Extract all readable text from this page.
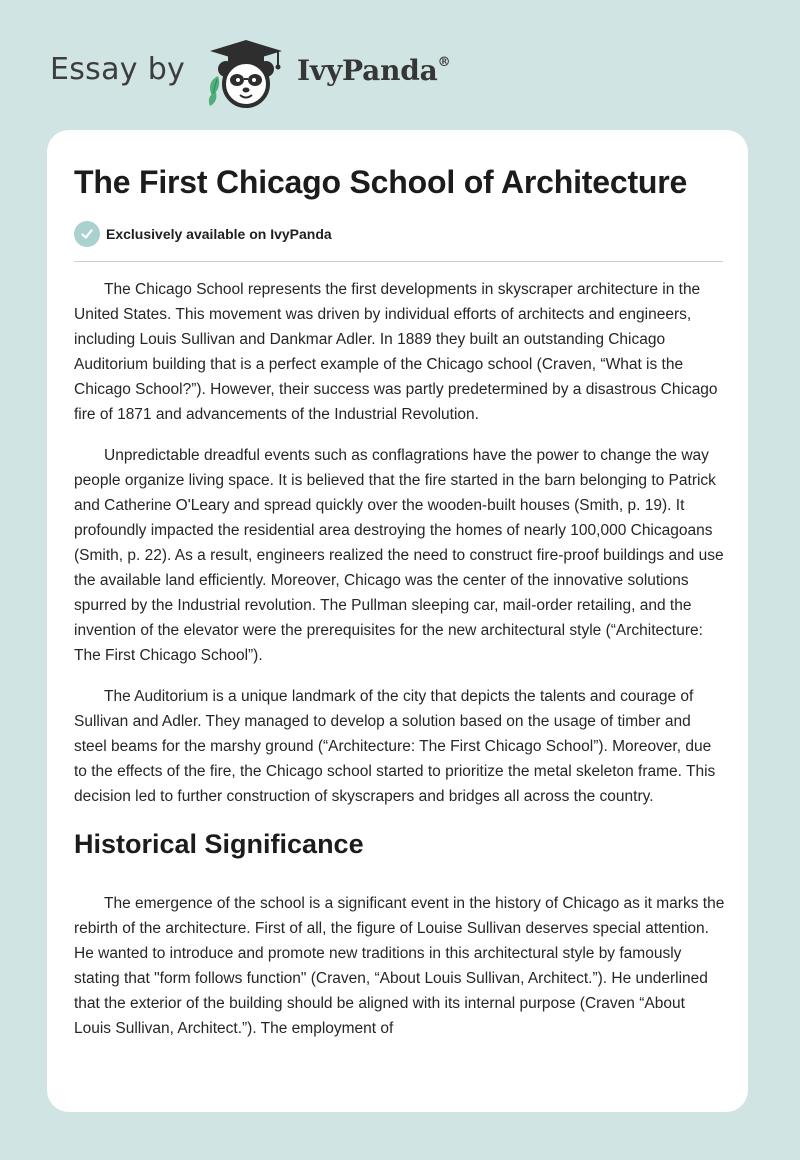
Essay by	IvyPanda®
The First Chicago School of Architecture
Exclusively available on IvyPanda

The Chicago School represents the first developments in skyscraper architecture in the United States. This movement was driven by individual efforts of architects and engineers, including Louis Sullivan and Dankmar Adler. In 1889 they built an outstanding Chicago Auditorium building that is a perfect example of the Chicago school (Craven, “What is the Chicago School?”). However, their success was partly predetermined by a disastrous Chicago fire of 1871 and advancements of the Industrial Revolution.

Unpredictable dreadful events such as conflagrations have the power to change the way people organize living space. It is believed that the fire started in the barn belonging to Patrick and Catherine O'Leary and spread quickly over the wooden-built houses (Smith, p. 19). It profoundly impacted the residential area destroying the homes of nearly 100,000 Chicagoans (Smith, p. 22). As a result, engineers realized the need to construct fire-proof buildings and use the available land efficiently. Moreover, Chicago was the center of the innovative solutions spurred by the Industrial revolution. The Pullman sleeping car, mail-order retailing, and the invention of the elevator were the prerequisites for the new architectural style (“Architecture: The First Chicago School”).

The Auditorium is a unique landmark of the city that depicts the talents and courage of Sullivan and Adler. They managed to develop a solution based on the usage of timber and steel beams for the marshy ground (“Architecture: The First Chicago School”). Moreover, due to the effects of the fire, the Chicago school started to prioritize the metal skeleton frame. This decision led to further construction of skyscrapers and bridges all across the country.

Historical Significance

The emergence of the school is a significant event in the history of Chicago as it marks the rebirth of the architecture. First of all, the figure of Louise Sullivan deserves special attention. He wanted to introduce and promote new traditions in this architectural style by famously stating that "form follows function" (Craven, “About Louis Sullivan, Architect.”). He underlined that the exterior of the building should be aligned with its internal purpose (Craven “About Louis Sullivan, Architect.”). The employment of
